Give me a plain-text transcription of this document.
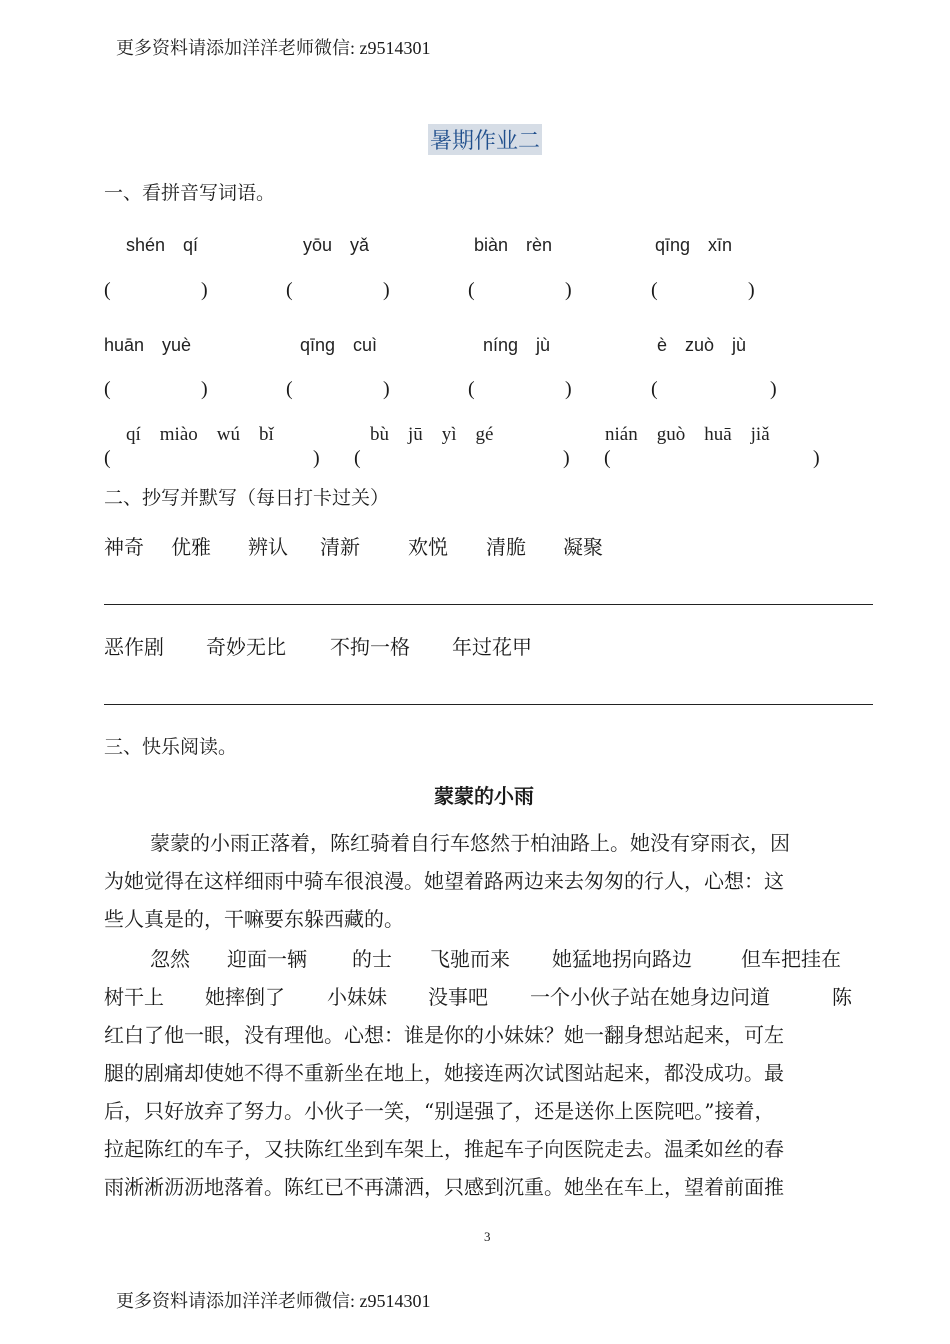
更多资料请添加洋洋老师微信: z9514301
暑期作业二
一、看拼音写词语。
shén　qí	yōu　yǎ	biàn　rèn	qīng　xīn
(	)	(	)	(	)	(	)
huān　yuè	qīng　cuì	níng　jù	è　zuò　jù
(	)	(	)	(	)	(	)
qí　miào　wú　bǐ	bù　jū　yì　gé	nián　guò　huā　jiǎ
(	) (	) (	)
二、抄写并默写（每日打卡过关）
神奇 优雅 辨认 清新 欢悦 清脆 凝聚
恶作剧 奇妙无比 不拘一格 年过花甲
三、快乐阅读。
蒙蒙的小雨
蒙蒙的小雨正落着，陈红骑着自行车悠然于柏油路上。她没有穿雨衣，因
为她觉得在这样细雨中骑车很浪漫。她望着路两边来去匆匆的行人，心想：这
些人真是的，干嘛要东躲西藏的。
忽然 迎面一辆 的士 飞驰而来 她猛地拐向路边 但车把挂在
树干上 她摔倒了 小妹妹 没事吧 一个小伙子站在她身边问道	陈
红白了他一眼，没有理他。心想：谁是你的小妹妹？她一翻身想站起来，可左
腿的剧痛却使她不得不重新坐在地上，她接连两次试图站起来，都没成功。最
后，只好放弃了努力。小伙子一笑，“别逞强了，还是送你上医院吧。”接着，
拉起陈红的车子，又扶陈红坐到车架上，推起车子向医院走去。温柔如丝的春
雨淅淅沥沥地落着。陈红已不再潇洒，只感到沉重。她坐在车上，望着前面推
3
更多资料请添加洋洋老师微信: z9514301
